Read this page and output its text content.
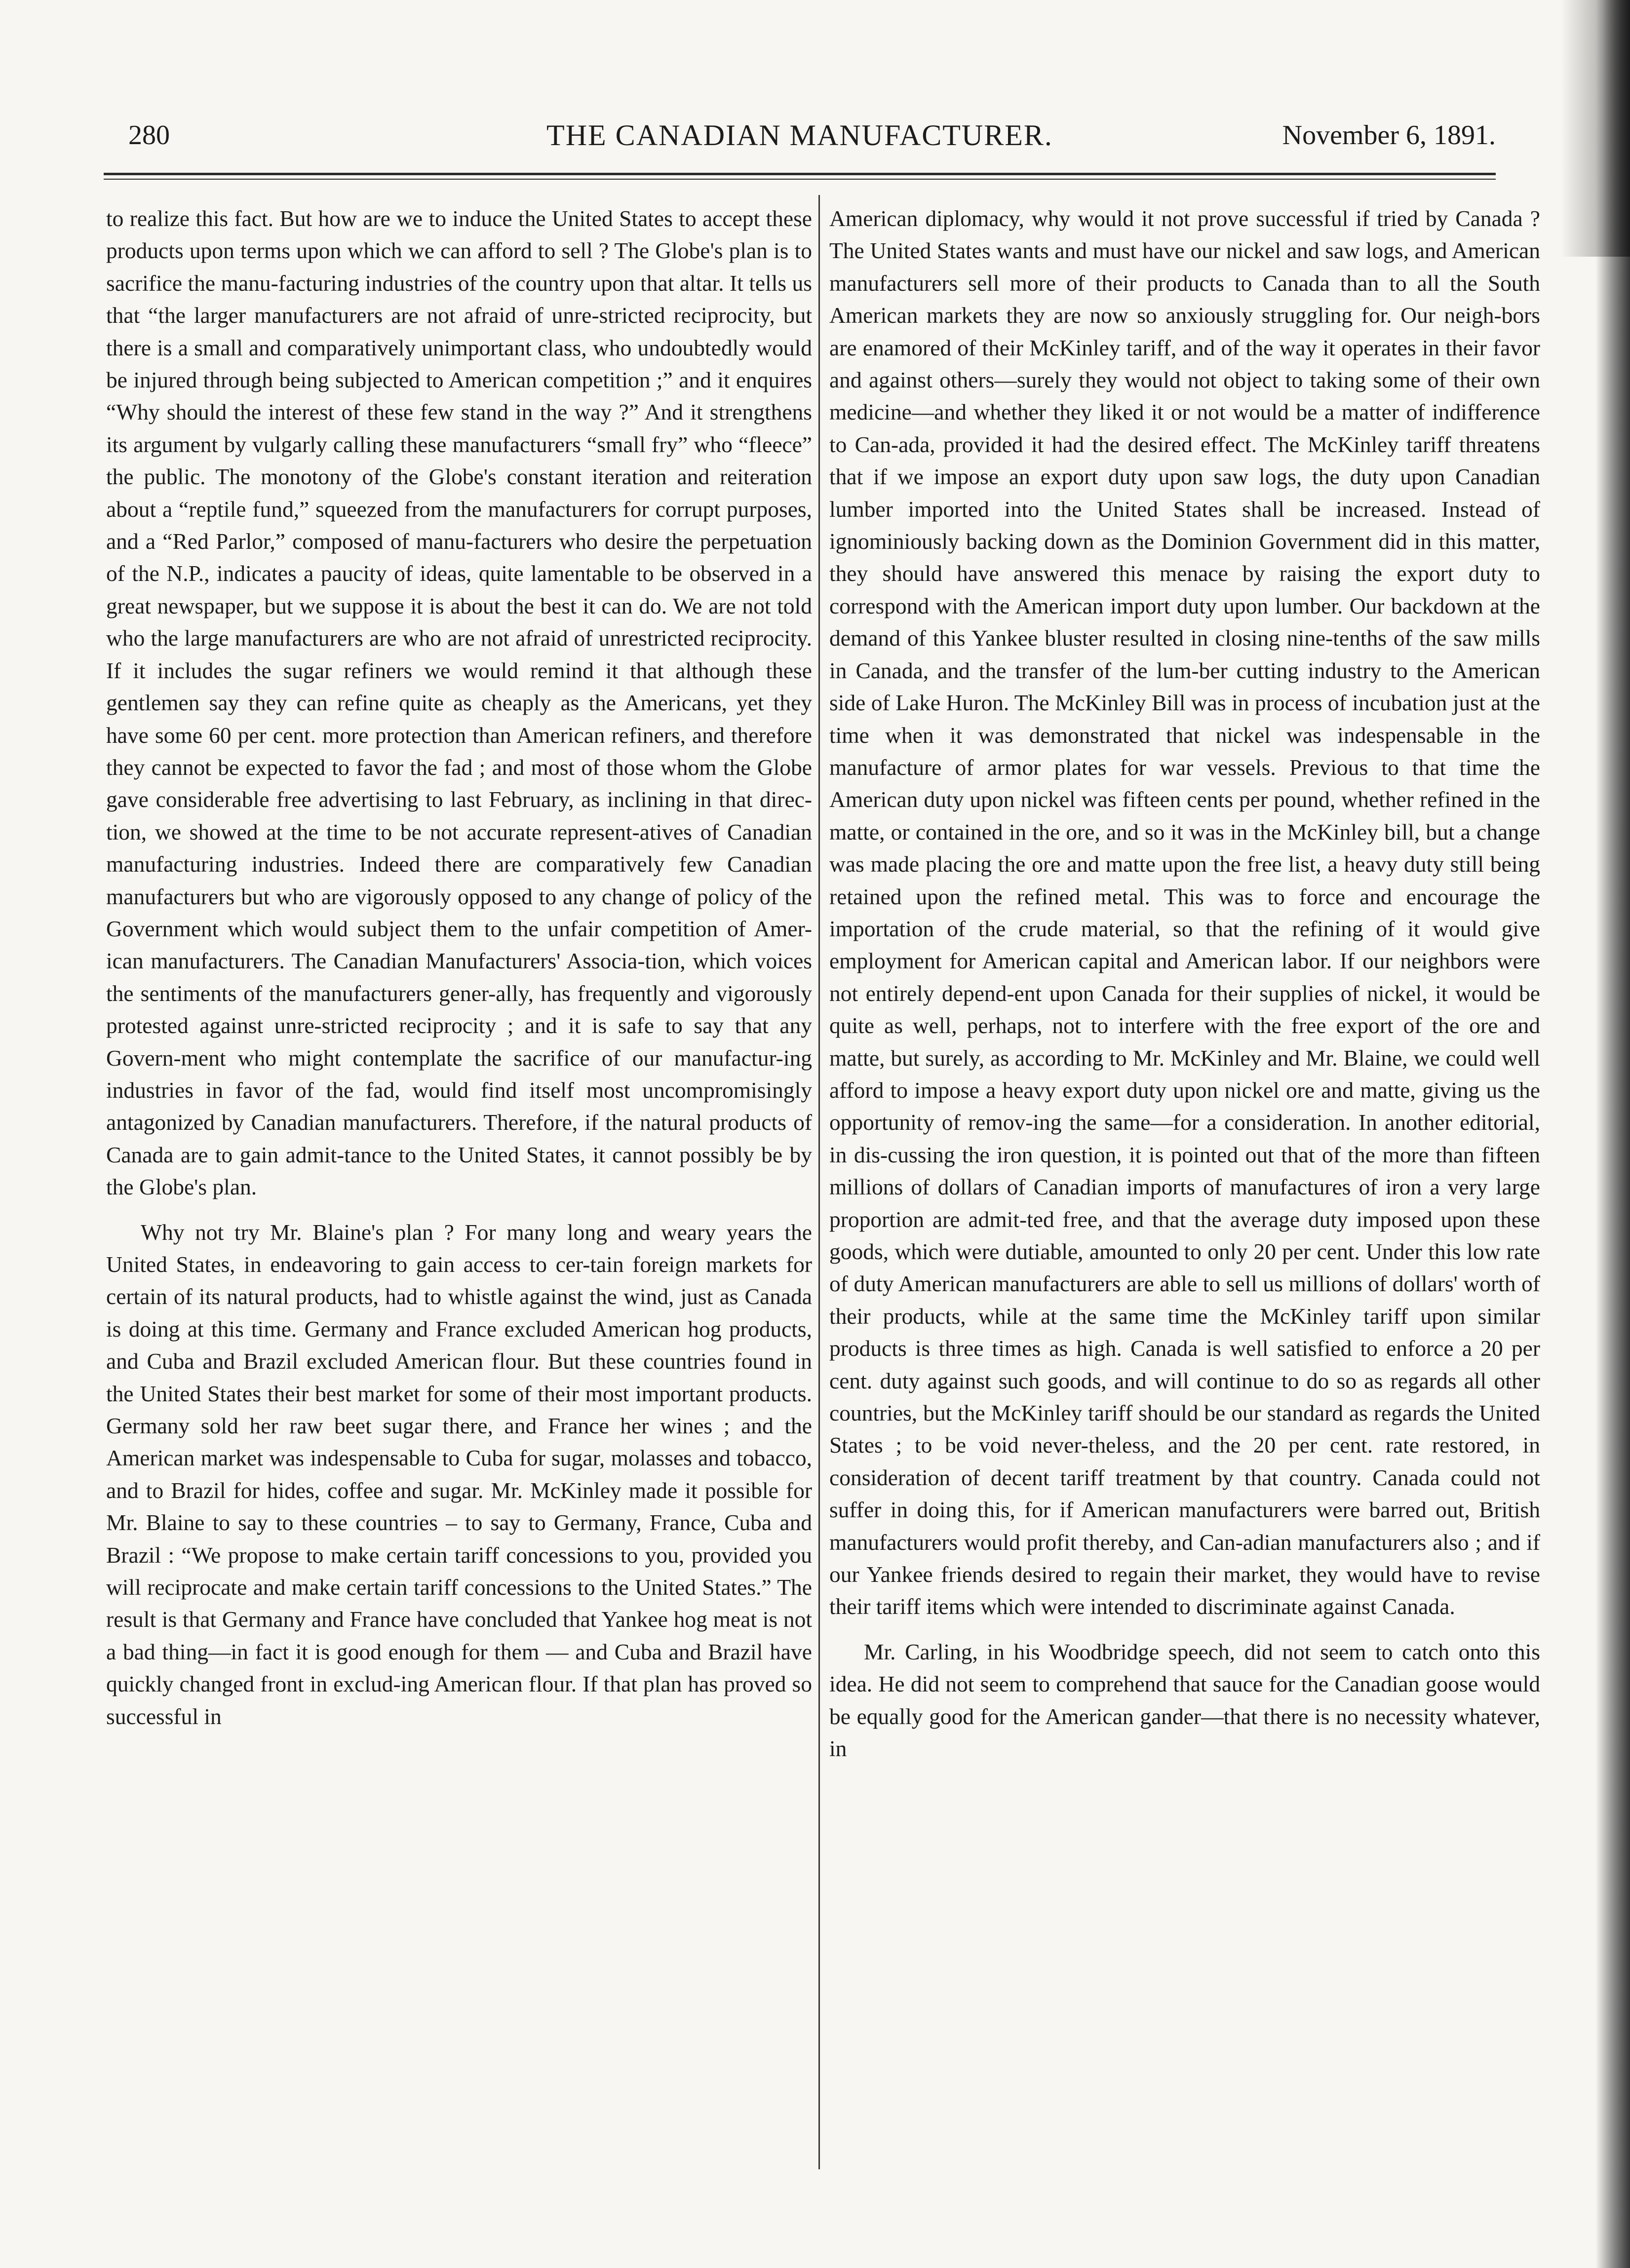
280	THE CANADIAN MANUFACTURER.	November 6, 1891.

to realize this fact. But how are we to induce the United States to accept these products upon terms upon which we can afford to sell ? The Globe's plan is to sacrifice the manu-facturing industries of the country upon that altar. It tells us that “the larger manufacturers are not afraid of unre-stricted reciprocity, but there is a small and comparatively unimportant class, who undoubtedly would be injured through being subjected to American competition ;” and it enquires “Why should the interest of these few stand in the way ?” And it strengthens its argument by vulgarly calling these manufacturers “small fry” who “fleece” the public. The monotony of the Globe's constant iteration and reiteration about a “reptile fund,” squeezed from the manufacturers for corrupt purposes, and a “Red Parlor,” composed of manu-facturers who desire the perpetuation of the N.P., indicates a paucity of ideas, quite lamentable to be observed in a great newspaper, but we suppose it is about the best it can do. We are not told who the large manufacturers are who are not afraid of unrestricted reciprocity. If it includes the sugar refiners we would remind it that although these gentlemen say they can refine quite as cheaply as the Americans, yet they have some 60 per cent. more protection than American refiners, and therefore they cannot be expected to favor the fad ; and most of those whom the Globe gave considerable free advertising to last February, as inclining in that direc-tion, we showed at the time to be not accurate represent-atives of Canadian manufacturing industries. Indeed there are comparatively few Canadian manufacturers but who are vigorously opposed to any change of policy of the Government which would subject them to the unfair competition of Amer-ican manufacturers. The Canadian Manufacturers' Associa-tion, which voices the sentiments of the manufacturers gener-ally, has frequently and vigorously protested against unre-stricted reciprocity ; and it is safe to say that any Govern-ment who might contemplate the sacrifice of our manufactur-ing industries in favor of the fad, would find itself most uncompromisingly antagonized by Canadian manufacturers. Therefore, if the natural products of Canada are to gain admit-tance to the United States, it cannot possibly be by the Globe's plan.

Why not try Mr. Blaine's plan ? For many long and weary years the United States, in endeavoring to gain access to cer-tain foreign markets for certain of its natural products, had to whistle against the wind, just as Canada is doing at this time. Germany and France excluded American hog products, and Cuba and Brazil excluded American flour. But these countries found in the United States their best market for some of their most important products. Germany sold her raw beet sugar there, and France her wines ; and the American market was indespensable to Cuba for sugar, molasses and tobacco, and to Brazil for hides, coffee and sugar. Mr. McKinley made it possible for Mr. Blaine to say to these countries – to say to Germany, France, Cuba and Brazil : “We propose to make certain tariff concessions to you, provided you will reciprocate and make certain tariff concessions to the United States.” The result is that Germany and France have concluded that Yankee hog meat is not a bad thing—in fact it is good enough for them — and Cuba and Brazil have quickly changed front in exclud-ing American flour. If that plan has proved so successful in

American diplomacy, why would it not prove successful if tried by Canada ? The United States wants and must have our nickel and saw logs, and American manufacturers sell more of their products to Canada than to all the South American markets they are now so anxiously struggling for. Our neigh-bors are enamored of their McKinley tariff, and of the way it operates in their favor and against others—surely they would not object to taking some of their own medicine—and whether they liked it or not would be a matter of indifference to Can-ada, provided it had the desired effect. The McKinley tariff threatens that if we impose an export duty upon saw logs, the duty upon Canadian lumber imported into the United States shall be increased. Instead of ignominiously backing down as the Dominion Government did in this matter, they should have answered this menace by raising the export duty to correspond with the American import duty upon lumber. Our backdown at the demand of this Yankee bluster resulted in closing nine-tenths of the saw mills in Canada, and the transfer of the lum-ber cutting industry to the American side of Lake Huron. The McKinley Bill was in process of incubation just at the time when it was demonstrated that nickel was indespensable in the manufacture of armor plates for war vessels. Previous to that time the American duty upon nickel was fifteen cents per pound, whether refined in the matte, or contained in the ore, and so it was in the McKinley bill, but a change was made placing the ore and matte upon the free list, a heavy duty still being retained upon the refined metal. This was to force and encourage the importation of the crude material, so that the refining of it would give employment for American capital and American labor. If our neighbors were not entirely depend-ent upon Canada for their supplies of nickel, it would be quite as well, perhaps, not to interfere with the free export of the ore and matte, but surely, as according to Mr. McKinley and Mr. Blaine, we could well afford to impose a heavy export duty upon nickel ore and matte, giving us the opportunity of remov-ing the same—for a consideration. In another editorial, in dis-cussing the iron question, it is pointed out that of the more than fifteen millions of dollars of Canadian imports of manufactures of iron a very large proportion are admit-ted free, and that the average duty imposed upon these goods, which were dutiable, amounted to only 20 per cent. Under this low rate of duty American manufacturers are able to sell us millions of dollars' worth of their products, while at the same time the McKinley tariff upon similar products is three times as high. Canada is well satisfied to enforce a 20 per cent. duty against such goods, and will continue to do so as regards all other countries, but the McKinley tariff should be our standard as regards the United States ; to be void never-theless, and the 20 per cent. rate restored, in consideration of decent tariff treatment by that country. Canada could not suffer in doing this, for if American manufacturers were barred out, British manufacturers would profit thereby, and Can-adian manufacturers also ; and if our Yankee friends desired to regain their market, they would have to revise their tariff items which were intended to discriminate against Canada.

Mr. Carling, in his Woodbridge speech, did not seem to catch onto this idea. He did not seem to comprehend that sauce for the Canadian goose would be equally good for the American gander—that there is no necessity whatever, in
